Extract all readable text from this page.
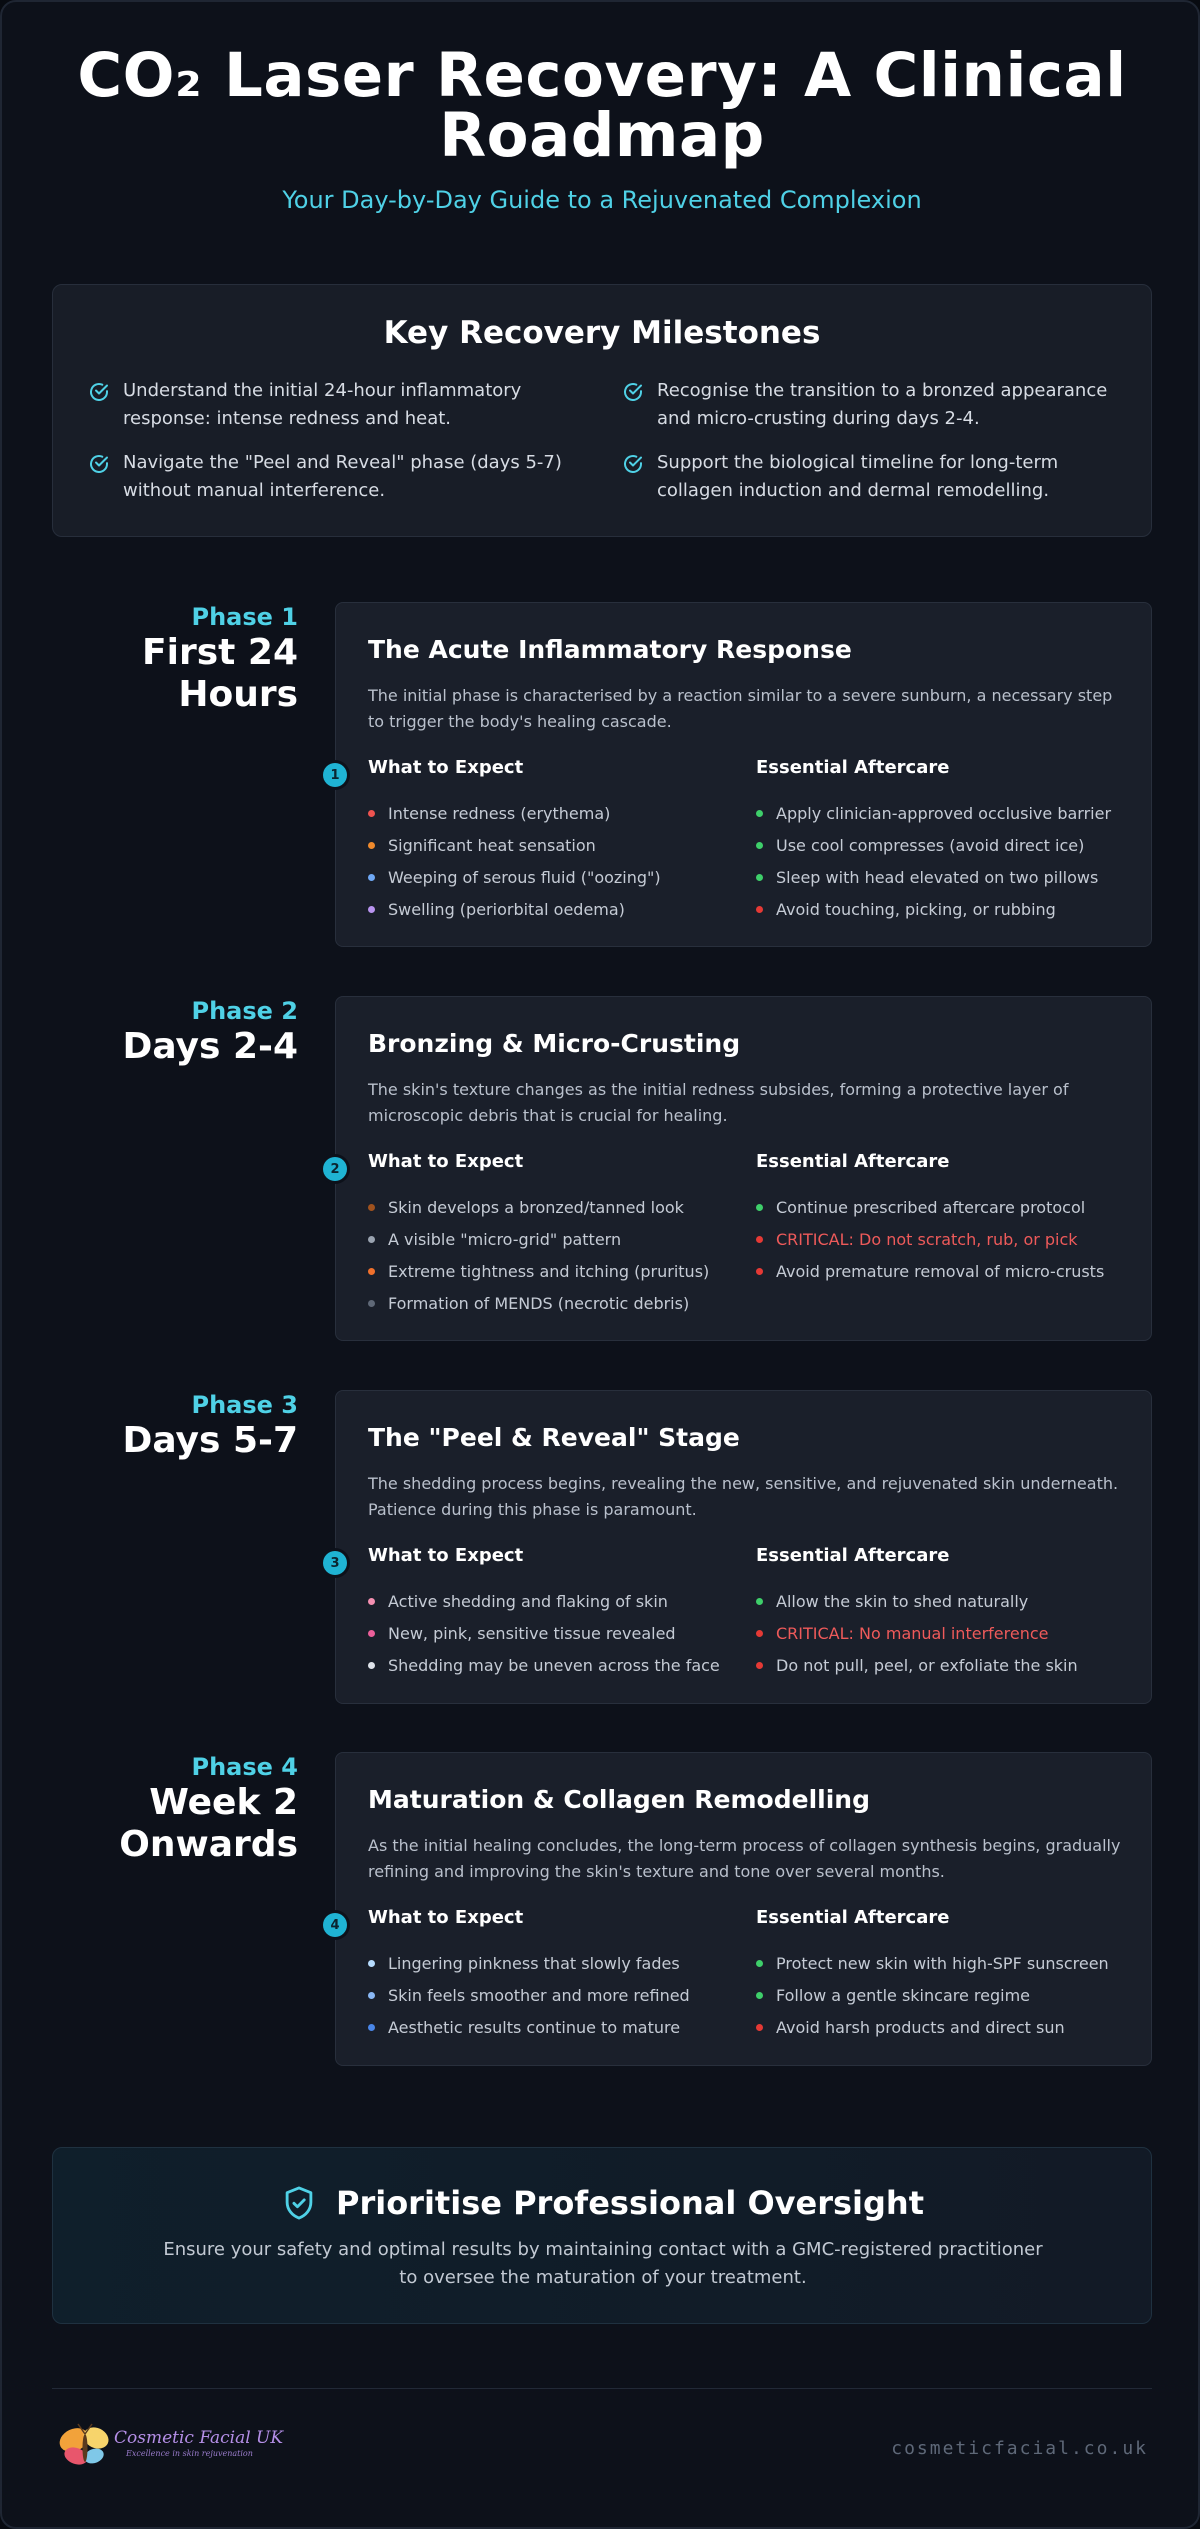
CO₂ Laser Recovery: A Clinical
Roadmap
Your Day-by-Day Guide to a Rejuvenated Complexion
Key Recovery Milestones
Understand the initial 24-hour inflammatory response: intense redness and heat.
Recognise the transition to a bronzed appearance and micro-crusting during days 2-4.
Navigate the "Peel and Reveal" phase (days 5-7) without manual interference.
Support the biological timeline for long-term collagen induction and dermal remodelling.
Phase 1
First 24
Hours
1
The Acute Inflammatory Response
The initial phase is characterised by a reaction similar to a severe sunburn, a necessary step to trigger the body's healing cascade.
What to Expect	Essential Aftercare
Intense redness (erythema)
Significant heat sensation
Weeping of serous fluid ("oozing")
Swelling (periorbital oedema)
Apply clinician-approved occlusive barrier
Use cool compresses (avoid direct ice)
Sleep with head elevated on two pillows
Avoid touching, picking, or rubbing
Phase 2
Days 2-4
2
Bronzing & Micro-Crusting
The skin's texture changes as the initial redness subsides, forming a protective layer of microscopic debris that is crucial for healing.
What to Expect	Essential Aftercare
Skin develops a bronzed/tanned look
A visible "micro-grid" pattern
Extreme tightness and itching (pruritus)
Formation of MENDS (necrotic debris)
Continue prescribed aftercare protocol
CRITICAL: Do not scratch, rub, or pick
Avoid premature removal of micro-crusts
Phase 3
Days 5-7
3
The "Peel & Reveal" Stage
The shedding process begins, revealing the new, sensitive, and rejuvenated skin underneath. Patience during this phase is paramount.
What to Expect	Essential Aftercare
Active shedding and flaking of skin
New, pink, sensitive tissue revealed
Shedding may be uneven across the face
Allow the skin to shed naturally
CRITICAL: No manual interference
Do not pull, peel, or exfoliate the skin
Phase 4
Week 2
Onwards
4
Maturation & Collagen Remodelling
As the initial healing concludes, the long-term process of collagen synthesis begins, gradually refining and improving the skin's texture and tone over several months.
What to Expect	Essential Aftercare
Lingering pinkness that slowly fades
Skin feels smoother and more refined
Aesthetic results continue to mature
Protect new skin with high-SPF sunscreen
Follow a gentle skincare regime
Avoid harsh products and direct sun
Prioritise Professional Oversight
Ensure your safety and optimal results by maintaining contact with a GMC-registered practitioner to oversee the maturation of your treatment.
Cosmetic Facial UK
Excellence in skin rejuvenation	cosmeticfacial.co.uk
